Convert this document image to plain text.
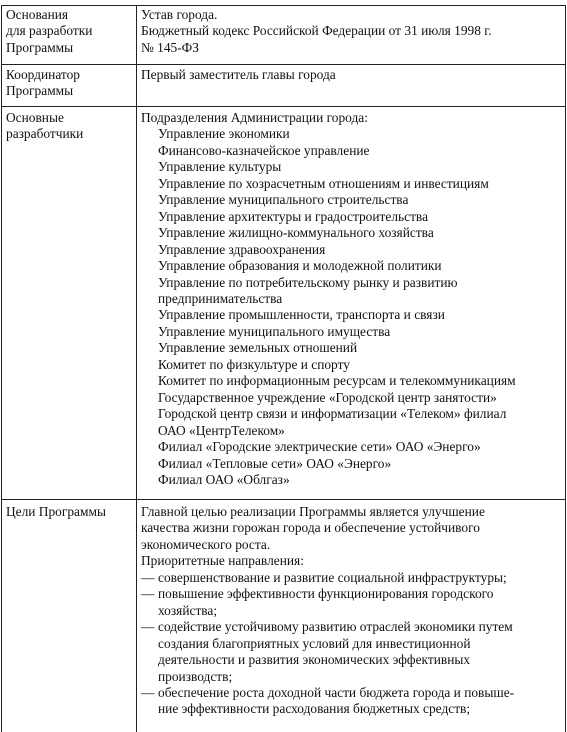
Основания
для разработки
Программы
Устав города.
Бюджетный кодекс Российской Федерации от 31 июля 1998 г.
№ 145-ФЗ
Координатор
Программы
Первый заместитель главы города
Основные
разработчики
Подразделения Администрации города:
Управление экономики
Финансово-казначейское управление
Управление культуры
Управление по хозрасчетным отношениям и инвестициям
Управление муниципального строительства
Управление архитектуры и градостроительства
Управление жилищно-коммунального хозяйства
Управление здравоохранения
Управление образования и молодежной политики
Управление по потребительскому рынку и развитию
предпринимательства
Управление промышленности, транспорта и связи
Управление муниципального имущества
Управление земельных отношений
Комитет по физкультуре и спорту
Комитет по информационным ресурсам и телекоммуникациям
Государственное учреждение «Городской центр занятости»
Городской центр связи и информатизации «Телеком» филиал
ОАО «ЦентрТелеком»
Филиал «Городские электрические сети» ОАО «Энерго»
Филиал «Тепловые сети» ОАО «Энерго»
Филиал ОАО «Облгаз»
Цели Программы	Главной целью реализации Программы является улучшение
качества жизни горожан города и обеспечение устойчивого
экономического роста.
Приоритетные направления:
— совершенствование и развитие социальной инфраструктуры;
— повышение эффективности функционирования городского
хозяйства;
— содействие устойчивому развитию отраслей экономики путем
создания благоприятных условий для инвестиционной
деятельности и развития экономических эффективных
производств;
— обеспечение роста доходной части бюджета города и повыше-
ние эффективности расходования бюджетных средств;
